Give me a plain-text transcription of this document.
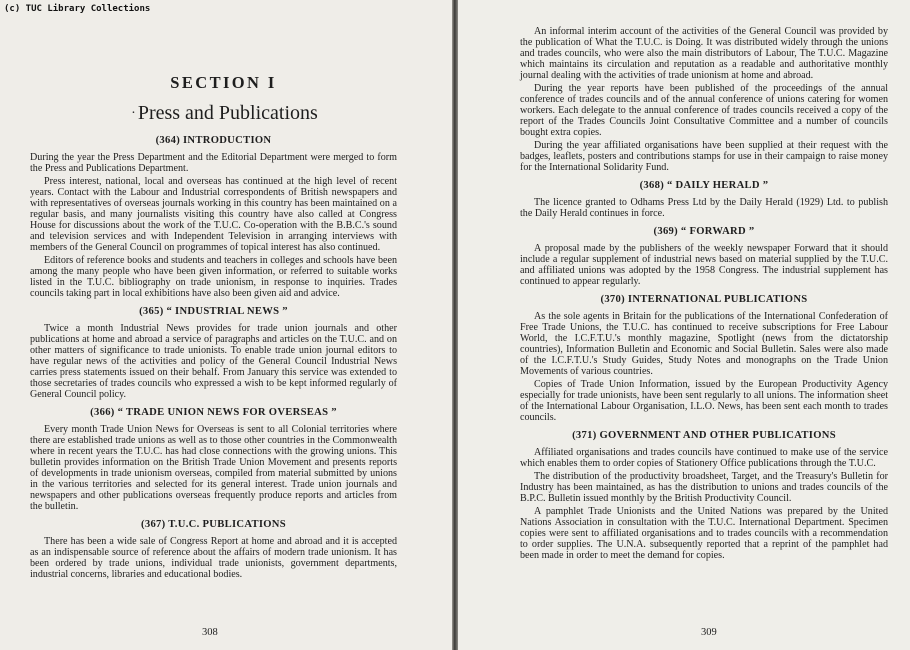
(c) TUC Library Collections
SECTION I
· Press and Publications
(364) INTRODUCTION
During the year the Press Department and the Editorial Department were merged to form the Press and Publications Department.
Press interest, national, local and overseas has continued at the high level of recent years. Contact with the Labour and Industrial correspondents of British newspapers and with representatives of overseas journals working in this country has been maintained on a regular basis, and many journalists visiting this country have also called at Congress House for discussions about the work of the T.U.C. Co-operation with the B.B.C.'s sound and television services and with Independent Television in arranging interviews with members of the General Council on programmes of topical interest has also continued.
Editors of reference books and students and teachers in colleges and schools have been among the many people who have been given information, or referred to suitable works listed in the T.U.C. bibliography on trade unionism, in response to inquiries. Trades councils taking part in local exhibitions have also been given aid and advice.
(365) “ INDUSTRIAL NEWS ”
Twice a month Industrial News provides for trade union journals and other publications at home and abroad a service of paragraphs and articles on the T.U.C. and on other matters of significance to trade unionists. To enable trade union journal editors to have regular news of the activities and policy of the General Council Industrial News carries press statements issued on their behalf. From January this service was extended to those secretaries of trades councils who expressed a wish to be kept informed regularly of General Council policy.
(366) “ TRADE UNION NEWS FOR OVERSEAS ”
Every month Trade Union News for Overseas is sent to all Colonial territories where there are established trade unions as well as to those other countries in the Commonwealth where in recent years the T.U.C. has had close connections with the growing unions. This bulletin provides information on the British Trade Union Movement and presents reports of developments in trade unionism overseas, compiled from material submitted by unions in the various territories and selected for its general interest. Trade union journals and newspapers and other publications overseas frequently produce reports and articles from the bulletin.
(367) T.U.C. PUBLICATIONS
There has been a wide sale of Congress Report at home and abroad and it is accepted as an indispensable source of reference about the affairs of modern trade unionism. It has been ordered by trade unions, individual trade unionists, government departments, industrial concerns, libraries and educational bodies.
308
An informal interim account of the activities of the General Council was provided by the publication of What the T.U.C. is Doing. It was distributed widely through the unions and trades councils, who were also the main distributors of Labour, The T.U.C. Magazine which maintains its circulation and reputation as a readable and authoritative monthly journal dealing with the activities of trade unionism at home and abroad.
During the year reports have been published of the proceedings of the annual conference of trades councils and of the annual conference of unions catering for women workers. Each delegate to the annual conference of trades councils received a copy of the report of the Trades Councils Joint Consultative Committee and a number of councils bought extra copies.
During the year affiliated organisations have been supplied at their request with the badges, leaflets, posters and contributions stamps for use in their campaign to raise money for the International Solidarity Fund.
(368) “ DAILY HERALD ”
The licence granted to Odhams Press Ltd by the Daily Herald (1929) Ltd. to publish the Daily Herald continues in force.
(369) “ FORWARD ”
A proposal made by the publishers of the weekly newspaper Forward that it should include a regular supplement of industrial news based on material supplied by the T.U.C. and affiliated unions was adopted by the 1958 Congress. The industrial supplement has continued to appear regularly.
(370) INTERNATIONAL PUBLICATIONS
As the sole agents in Britain for the publications of the International Confederation of Free Trade Unions, the T.U.C. has continued to receive subscriptions for Free Labour World, the I.C.F.T.U.'s monthly magazine, Spotlight (news from the dictatorship countries), Information Bulletin and Economic and Social Bulletin. Sales were also made of the I.C.F.T.U.'s Study Guides, Study Notes and monographs on the Trade Union Movements of various countries.
Copies of Trade Union Information, issued by the European Productivity Agency especially for trade unionists, have been sent regularly to all unions. The information sheet of the International Labour Organisation, I.L.O. News, has been sent each month to trades councils.
(371) GOVERNMENT AND OTHER PUBLICATIONS
Affiliated organisations and trades councils have continued to make use of the service which enables them to order copies of Stationery Office publications through the T.U.C.
The distribution of the productivity broadsheet, Target, and the Treasury's Bulletin for Industry has been maintained, as has the distribution to unions and trades councils of the B.P.C. Bulletin issued monthly by the British Productivity Council.
A pamphlet Trade Unionists and the United Nations was prepared by the United Nations Association in consultation with the T.U.C. International Department. Specimen copies were sent to affiliated organisations and to trades councils with a recommendation to order supplies. The U.N.A. subsequently reported that a reprint of the pamphlet had been made in order to meet the demand for copies.
309
